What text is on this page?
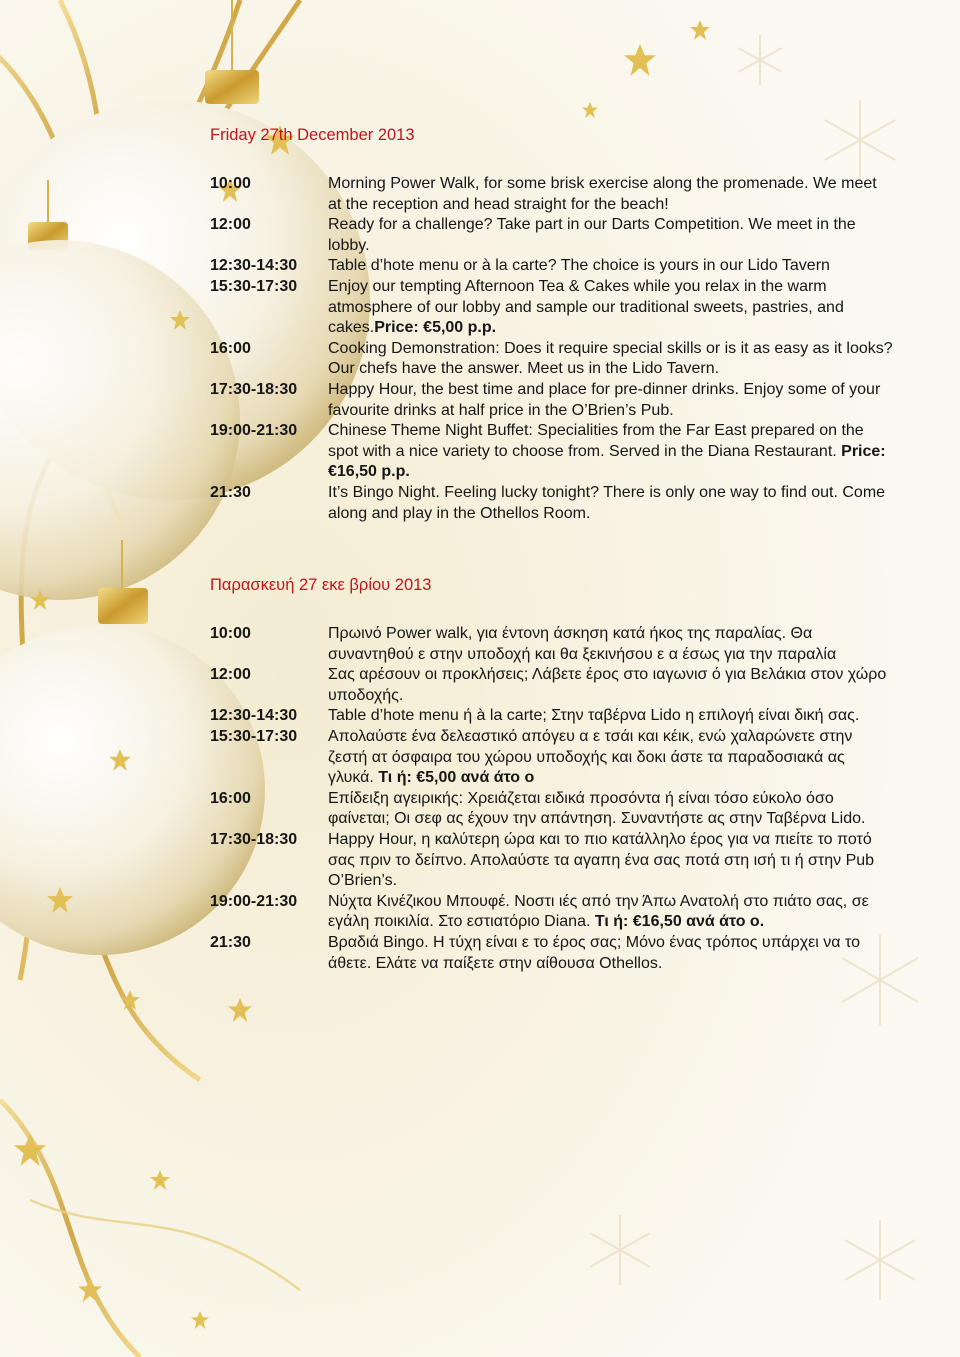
Friday 27th December 2013
10:00	Morning Power Walk, for some brisk exercise along the promenade. We meet at the reception and head straight for the beach!
12:00	Ready for a challenge? Take part in our Darts Competition. We meet in the lobby.
12:30-14:30	Table d’hote menu or à la carte? The choice is yours in our Lido Tavern
15:30-17:30	Enjoy our tempting Afternoon Tea & Cakes while you relax in the warm atmosphere of our lobby and sample our traditional sweets, pastries, and cakes.Price: €5,00 p.p.
16:00	Cooking Demonstration: Does it require special skills or is it as easy as it looks? Our chefs have the answer. Meet us in the Lido Tavern.
17:30-18:30	Happy Hour, the best time and place for pre-dinner drinks. Enjoy some of your favourite drinks at half price in the O’Brien’s Pub.
19:00-21:30	Chinese Theme Night Buffet: Specialities from the Far East prepared on the spot with a nice variety to choose from. Served in the Diana Restaurant. Price: €16,50 p.p.
21:30	It’s Bingo Night. Feeling lucky tonight? There is only one way to find out. Come along and play in the Othellos Room.
Παρασκευή 27 εκε βρίου 2013
10:00	Πρωινό Power walk, για έντονη άσκηση κατά ήκος της παραλίας. Θα συναντηθού ε στην υποδοχή και θα ξεκινήσου ε α έσως για την παραλία
12:00	Σας αρέσουν οι προκλήσεις; Λάβετε έρος στο ιαγωνισ ό για Βελάκια στον χώρο υποδοχής.
12:30-14:30	Table d’hote menu ή à la carte; Στην ταβέρνα Lido η επιλογή είναι δική σας.
15:30-17:30	Απολαύστε ένα δελεαστικό απόγευ α ε τσάι και κέικ, ενώ χαλαρώνετε στην ζεστή ατ όσφαιρα του χώρου υποδοχής και δοκι άστε τα παραδοσιακά ας γλυκά. Τι ή: €5,00 ανά άτο ο
16:00	Επίδειξη αγειρικής: Χρειάζεται ειδικά προσόντα ή είναι τόσο εύκολο όσο φαίνεται; Οι σεφ ας έχουν την απάντηση. Συναντήστε ας στην Ταβέρνα Lido.
17:30-18:30	Happy Hour, η καλύτερη ώρα και το πιο κατάλληλο έρος για να πιείτε το ποτό σας πριν το δείπνο. Απολαύστε τα αγαπη ένα σας ποτά στη ισή τι ή στην Pub O’Brien’s.
19:00-21:30	Νύχτα Κινέζικου Μπουφέ. Νοστι ιές από την Άπω Ανατολή στο πιάτο σας, σε εγάλη ποικιλία. Στο εστιατόριο Diana. Τι ή: €16,50 ανά άτο ο.
21:30	Βραδιά Bingo. Η τύχη είναι ε το έρος σας; Μόνο ένας τρόπος υπάρχει να το άθετε. Ελάτε να παίξετε στην αίθουσα Othellos.
